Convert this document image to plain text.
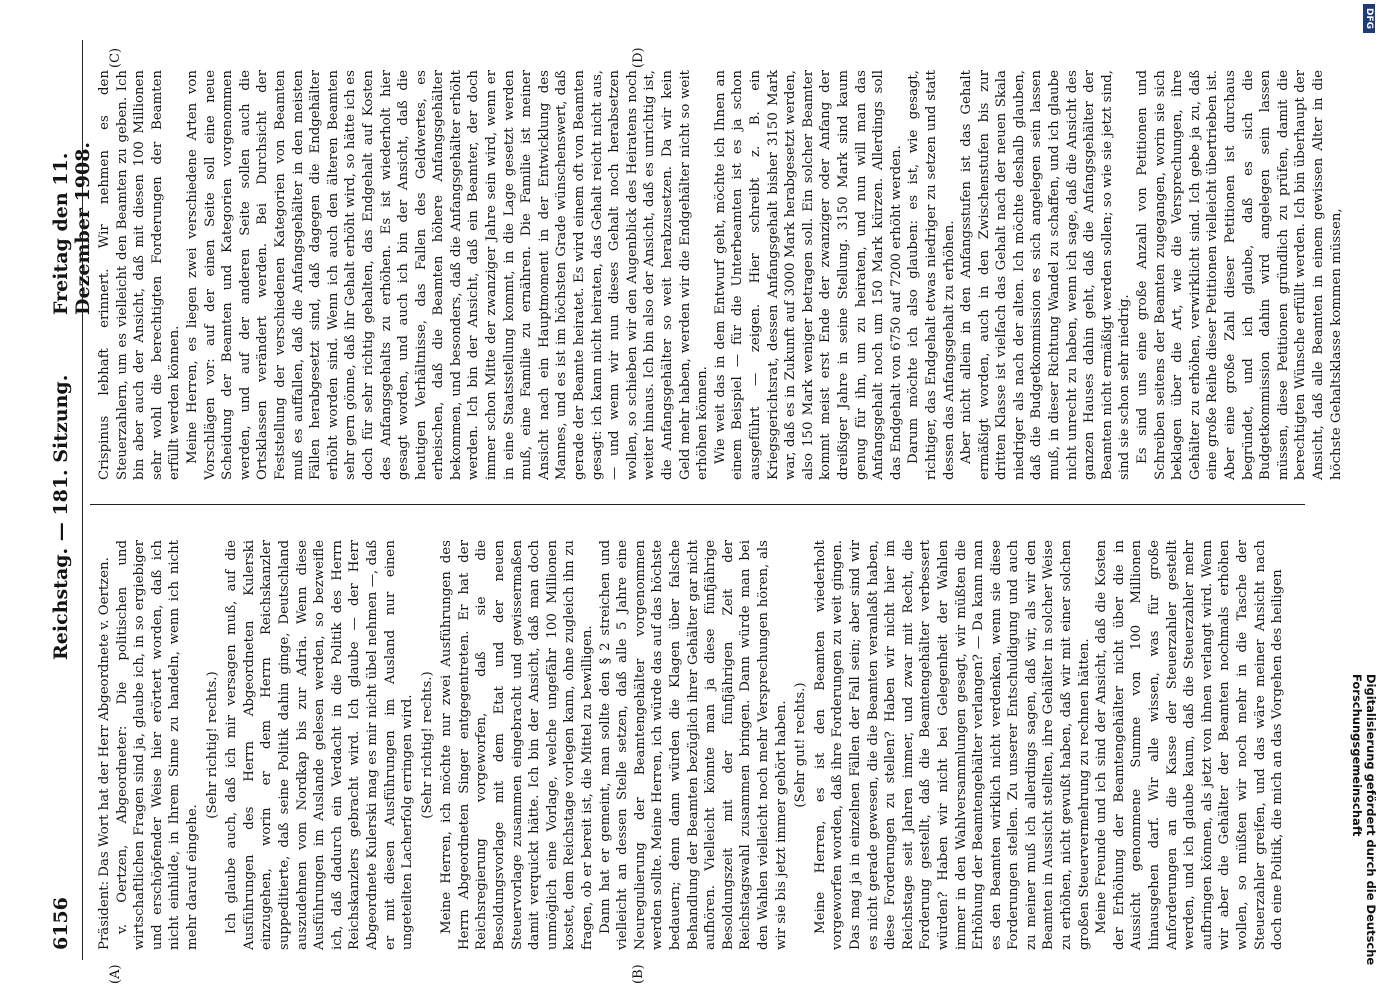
6156
Reichstag. — 181. Sitzung.
Freitag den 11. Dezember 1908.
(A)	(B)
(C)	(D)

Präsident: Das Wort hat der Herr Abgeordnete v. Oertzen. v. Oertzen, Abgeordneter: Die politischen und wirtschaftlichen Fragen sind ja, glaube ich, in so ergiebiger und erschöpfender Weise hier erörtert worden, daß ich nicht einhilde, in Ihrem Sinne zu handeln, wenn ich nicht mehr darauf eingehe.

(Sehr richtig! rechts.) Ich glaube auch, daß ich mir versagen muß, auf die Ausführungen des Herrn Abgeordneten Kulerski einzugehen, worin er dem Herrn Reichskanzler suppeditierte, daß seine Politik dahin ginge, Deutschland auszudehnen vom Nordkap bis zur Adria. Wenn diese Ausführungen im Auslande gelesen werden, so bezweifle ich, daß dadurch ein Verdacht in die Politik des Herrn Reichskanzlers gebracht wird. Ich glaube — der Herr Abgeordnete Kulerski mag es mir nicht übel nehmen —, daß er mit diesen Ausführungen im Ausland nur einen ungeteilten Lacherfolg erringen wird. (Sehr richtig! rechts.) Meine Herren, ich möchte nur zwei Ausführungen des Herrn Abgeordneten Singer entgegentreten. Er hat der Reichsregierung vorgeworfen, daß sie die Besoldungsvorlage mit dem Etat und der neuen Steuervorlage zusammen eingebracht und gewissermaßen damit verquickt hätte. Ich bin der Ansicht, daß man doch unmöglich eine Vorlage, welche ungefähr 100 Millionen kostet, dem Reichstage vorlegen kann, ohne zugleich ihn zu fragen, ob er bereit ist, die Mittel zu bewilligen. Dann hat er gemeint, man sollte den § 2 streichen und vielleicht an dessen Stelle setzen, daß alle 5 Jahre eine Neuregulierung der Beamtengehälter vorgenommen werden sollte. Meine Herren, ich würde das auf das höchste bedauern; denn dann würden die Klagen über falsche Behandlung der Beamten bezüglich ihrer Gehälter gar nicht aufhören. Vielleicht könnte man ja diese fünfjährige Besoldungszeit mit der fünfjährigen Zeit der Reichstagswahl zusammen bringen. Dann würde man bei den Wahlen vielleicht noch mehr Versprechungen hören, als wir sie bis jetzt immer gehört haben. (Sehr gut! rechts.) Meine Herren, es ist den Beamten wiederholt vorgeworfen worden, daß ihre Forderungen zu weit gingen. Das mag ja in einzelnen Fällen der Fall sein; aber sind wir es nicht gerade gewesen, die die Beamten veranlaßt haben, diese Forderungen zu stellen? Haben wir nicht hier im Reichstage seit Jahren immer, und zwar mit Recht, die Forderung gestellt, daß die Beamtengehälter verbessert würden? Haben wir nicht bei Gelegenheit der Wahlen immer in den Wahlversammlungen gesagt, wir müßten die Erhöhung der Beamtengehälter verlangen? — Da kann man es den Beamten wirklich nicht verdenken, wenn sie diese Forderungen stellen. Zu unserer Entschuldigung und auch zu meiner muß ich allerdings sagen, daß wir, als wir den Beamten in Aussicht stellten, ihre Gehälter in solcher Weise zu erhöhen, nicht gewußt haben, daß wir mit einer solchen großen Steuervermehrung zu rechnen hätten. Meine Freunde und ich sind der Ansicht, daß die Kosten der Erhöhung der Beamtengehälter nicht über die in Aussicht genommene Summe von 100 Millionen hinausgehen darf. Wir alle wissen, was für große Anforderungen an die Kasse der Steuerzahler gestellt werden, und ich glaube kaum, daß die Steuerzahler mehr aufbringen können, als jetzt von ihnen verlangt wird. Wenn wir aber die Gehälter der Beamten nochmals erhöhen wollen, so müßten wir noch mehr in die Tasche der Steuerzahler greifen, und das wäre meiner Ansicht nach doch eine Politik, die mich an das Vorgehen des heiligen

Crispinus lebhaft erinnert. Wir nehmen es den Steuerzahlern, um es vielleicht den Beamten zu geben. Ich bin aber auch der Ansicht, daß mit diesen 100 Millionen sehr wohl die berechtigten Forderungen der Beamten erfüllt werden können. Meine Herren, es liegen zwei verschiedene Arten von Vorschlägen vor: auf der einen Seite soll eine neue Scheidung der Beamten und Kategorien vorgenommen werden, und auf der anderen Seite sollen auch die Ortsklassen verändert werden. Bei Durchsicht der Feststellung der verschiedenen Kategorien von Beamten muß es auffallen, daß die Anfangsgehälter in den meisten Fällen herabgesetzt sind, daß dagegen die Endgehälter erhöht worden sind. Wenn ich auch den älteren Beamten sehr gern gönne, daß ihr Gehalt erhöht wird, so hätte ich es doch für sehr richtig gehalten, das Endgehalt auf Kosten des Anfangsgehalts zu erhöhen. Es ist wiederholt hier gesagt worden, und auch ich bin der Ansicht, daß die heutigen Verhältnisse, das Fallen des Geldwertes, es erheischen, daß die Beamten höhere Anfangsgehälter bekommen, und besonders, daß die Anfangsgehälter erhöht werden. Ich bin der Ansicht, daß ein Beamter, der doch immer schon Mitte der zwanziger Jahre sein wird, wenn er in eine Staatsstellung kommt, in die Lage gesetzt werden muß, eine Familie zu ernähren. Die Familie ist meiner Ansicht nach ein Hauptmoment in der Entwicklung des Mannes, und es ist im höchsten Grade wünschenswert, daß gerade der Beamte heiratet. Es wird einem oft von Beamten gesagt: ich kann nicht heiraten, das Gehalt reicht nicht aus, — und wenn wir nun dieses Gehalt noch herabsetzen wollen, so schieben wir den Augenblick des Heiratens noch weiter hinaus. Ich bin also der Ansicht, daß es unrichtig ist, die Anfangsgehälter so weit herabzusetzen. Da wir kein Geld mehr haben, werden wir die Endgehälter nicht so weit erhöhen können. Wie weit das in dem Entwurf geht, möchte ich Ihnen an einem Beispiel — für die Unterbeamten ist es ja schon ausgeführt — zeigen. Hier schreibt z. B. ein Kriegsgerichtsrat, dessen Anfangsgehalt bisher 3150 Mark war, daß es in Zukunft auf 3000 Mark herabgesetzt werden, also 150 Mark weniger betragen soll. Ein solcher Beamter kommt meist erst Ende der zwanziger oder Anfang der dreißiger Jahre in seine Stellung. 3150 Mark sind kaum genug für ihn, um zu heiraten, und nun will man das Anfangsgehalt noch um 150 Mark kürzen. Allerdings soll das Endgehalt von 6750 auf 7200 erhöht werden. Darum möchte ich also glauben: es ist, wie gesagt, richtiger, das Endgehalt etwas niedriger zu setzen und statt dessen das Anfangsgehalt zu erhöhen. Aber nicht allein in den Anfangsstufen ist das Gehalt ermäßigt worden, auch in den Zwischenstufen bis zur dritten Klasse ist vielfach das Gehalt nach der neuen Skala niedriger als nach der alten. Ich möchte deshalb glauben, daß die Budgetkommission es sich angelegen sein lassen muß, in dieser Richtung Wandel zu schaffen, und ich glaube nicht unrecht zu haben, wenn ich sage, daß die Ansicht des ganzen Hauses dahin geht, daß die Anfangsgehälter der Beamten nicht ermäßigt werden sollen; so wie sie jetzt sind, sind sie schon sehr niedrig. Es sind uns eine große Anzahl von Petitionen und Schreiben seitens der Beamten zugegangen, worin sie sich beklagen über die Art, wie die Versprechungen, ihre Gehälter zu erhöhen, verwirklicht sind. Ich gebe ja zu, daß eine große Reihe dieser Petitionen vielleicht übertrieben ist. Aber eine große Zahl dieser Petitionen ist durchaus begründet, und ich glaube, daß es sich die Budgetkommission dahin wird angelegen sein lassen müssen, diese Petitionen gründlich zu prüfen, damit die berechtigten Wünsche erfüllt werden. Ich bin überhaupt der Ansicht, daß alle Beamten in einem gewissen Alter in die höchste Gehaltsklasse kommen müssen,

DFG
Digitalisierung gefördert durch die Deutsche Forschungsgemeinschaft
